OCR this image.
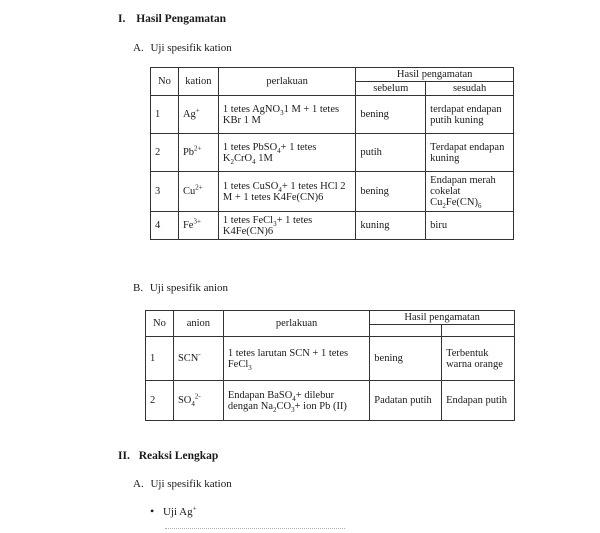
I. Hasil Pengamatan
A. Uji spesifik kation
No	kation	perlakuan	Hasil pengamatan	
			sebelum	sesudah
1	Ag+	1 tetes AgNO$_3$1 M + 1 tetes KBr 1 M	bening	terdapat endapan putih kuning
2	$Pb^{2+}$	1 tetes PbSO$_4$+ 1 tetes $K_2CrO_4$ 1M	putih	Terdapat endapan kuning
3	$Cu^{2+}$	1 tetes CuSO$_4$+ 1 tetes HCl 2 M + 1 tetes K4Fe(CN)6	bening	Endapan merah cokelat $Cu_2Fe(CN)_6$
4	$Fe^{3+}$	1 tetes FeCl$_3$+ 1 tetes K4Fe(CN)6	kuning	biru
B. Uji spesifik anion
No	anion	perlakuan	Hasil pengamatan	

1	SCN-	1 tetes larutan SCN + 1 tetes FeCl$_3$	bening	Terbentuk warna orange
2	$SO_4^{2-}$	Endapan BaSO$_4$+ dilebur dengan $Na_2CO_3+$ ion Pb (II)	Padatan putih	Endapan putih
II. Reaksi Lengkap
A. Uji spesifik kation
• Uji Ag+
